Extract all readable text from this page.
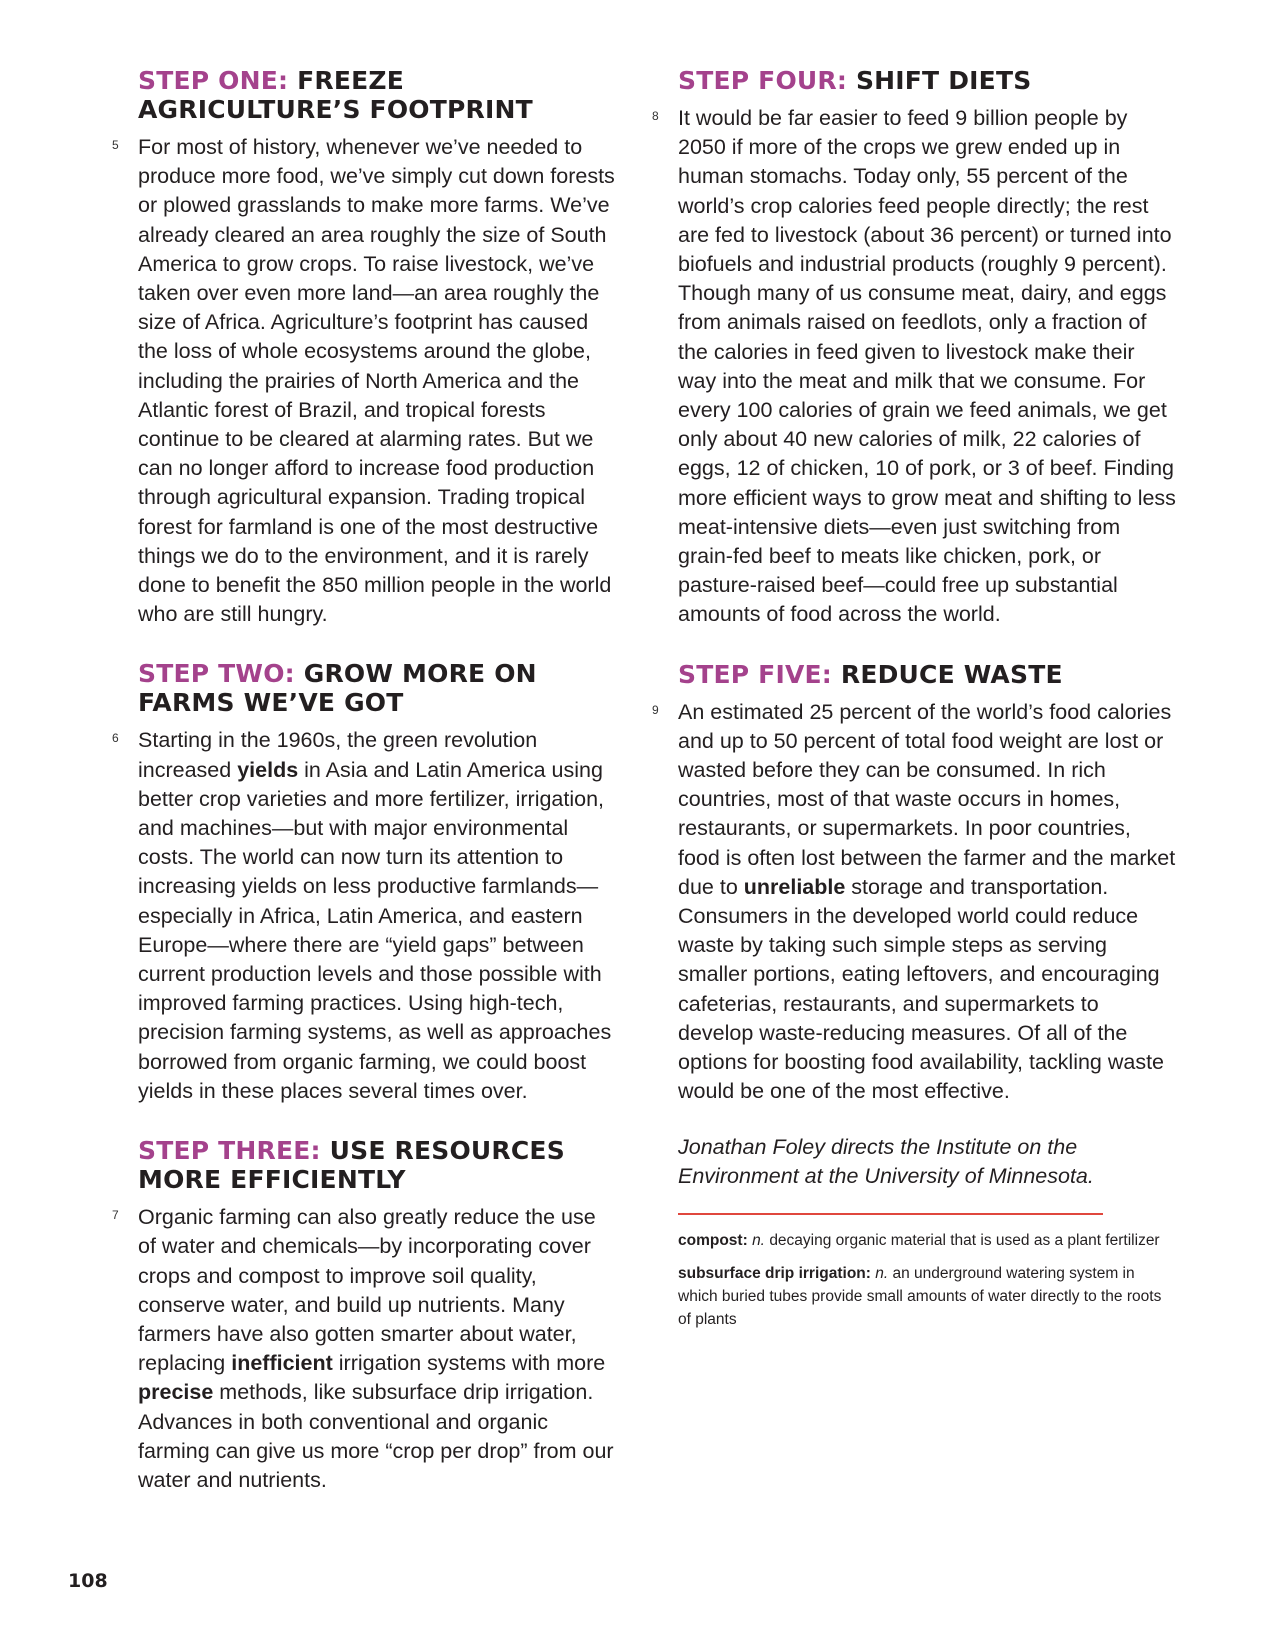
STEP ONE: FREEZE
AGRICULTURE’S FOOTPRINT

5 For most of history, whenever we’ve needed to produce more food, we’ve simply cut down forests or plowed grasslands to make more farms. We’ve already cleared an area roughly the size of South America to grow crops. To raise livestock, we’ve taken over even more land—an area roughly the size of Africa. Agriculture’s footprint has caused the loss of whole ecosystems around the globe, including the prairies of North America and the Atlantic forest of Brazil, and tropical forests continue to be cleared at alarming rates. But we can no longer afford to increase food production through agricultural expansion. Trading tropical forest for farmland is one of the most destructive things we do to the environment, and it is rarely done to benefit the 850 million people in the world who are still hungry.

STEP TWO: GROW MORE ON
FARMS WE’VE GOT

6 Starting in the 1960s, the green revolution increased yields in Asia and Latin America using better crop varieties and more fertilizer, irrigation, and machines—but with major environmental costs. The world can now turn its attention to increasing yields on less productive farmlands—especially in Africa, Latin America, and eastern Europe—where there are “yield gaps” between current production levels and those possible with improved farming practices. Using high-tech, precision farming systems, as well as approaches borrowed from organic farming, we could boost yields in these places several times over.

STEP THREE: USE RESOURCES
MORE EFFICIENTLY

7 Organic farming can also greatly reduce the use of water and chemicals—by incorporating cover crops and compost to improve soil quality, conserve water, and build up nutrients. Many farmers have also gotten smarter about water, replacing inefficient irrigation systems with more precise methods, like subsurface drip irrigation. Advances in both conventional and organic farming can give us more “crop per drop” from our water and nutrients.

STEP FOUR: SHIFT DIETS

8 It would be far easier to feed 9 billion people by 2050 if more of the crops we grew ended up in human stomachs. Today only, 55 percent of the world’s crop calories feed people directly; the rest are fed to livestock (about 36 percent) or turned into biofuels and industrial products (roughly 9 percent). Though many of us consume meat, dairy, and eggs from animals raised on feedlots, only a fraction of the calories in feed given to livestock make their way into the meat and milk that we consume. For every 100 calories of grain we feed animals, we get only about 40 new calories of milk, 22 calories of eggs, 12 of chicken, 10 of pork, or 3 of beef. Finding more efficient ways to grow meat and shifting to less meat-intensive diets—even just switching from grain-fed beef to meats like chicken, pork, or pasture-raised beef—could free up substantial amounts of food across the world.

STEP FIVE: REDUCE WASTE

9 An estimated 25 percent of the world’s food calories and up to 50 percent of total food weight are lost or wasted before they can be consumed. In rich countries, most of that waste occurs in homes, restaurants, or supermarkets. In poor countries, food is often lost between the farmer and the market due to unreliable storage and transportation. Consumers in the developed world could reduce waste by taking such simple steps as serving smaller portions, eating leftovers, and encouraging cafeterias, restaurants, and supermarkets to develop waste-reducing measures. Of all of the options for boosting food availability, tackling waste would be one of the most effective.

Jonathan Foley directs the Institute on the Environment at the University of Minnesota.

compost: n. decaying organic material that is used as a plant fertilizer

subsurface drip irrigation: n. an underground watering system in which buried tubes provide small amounts of water directly to the roots of plants

108
